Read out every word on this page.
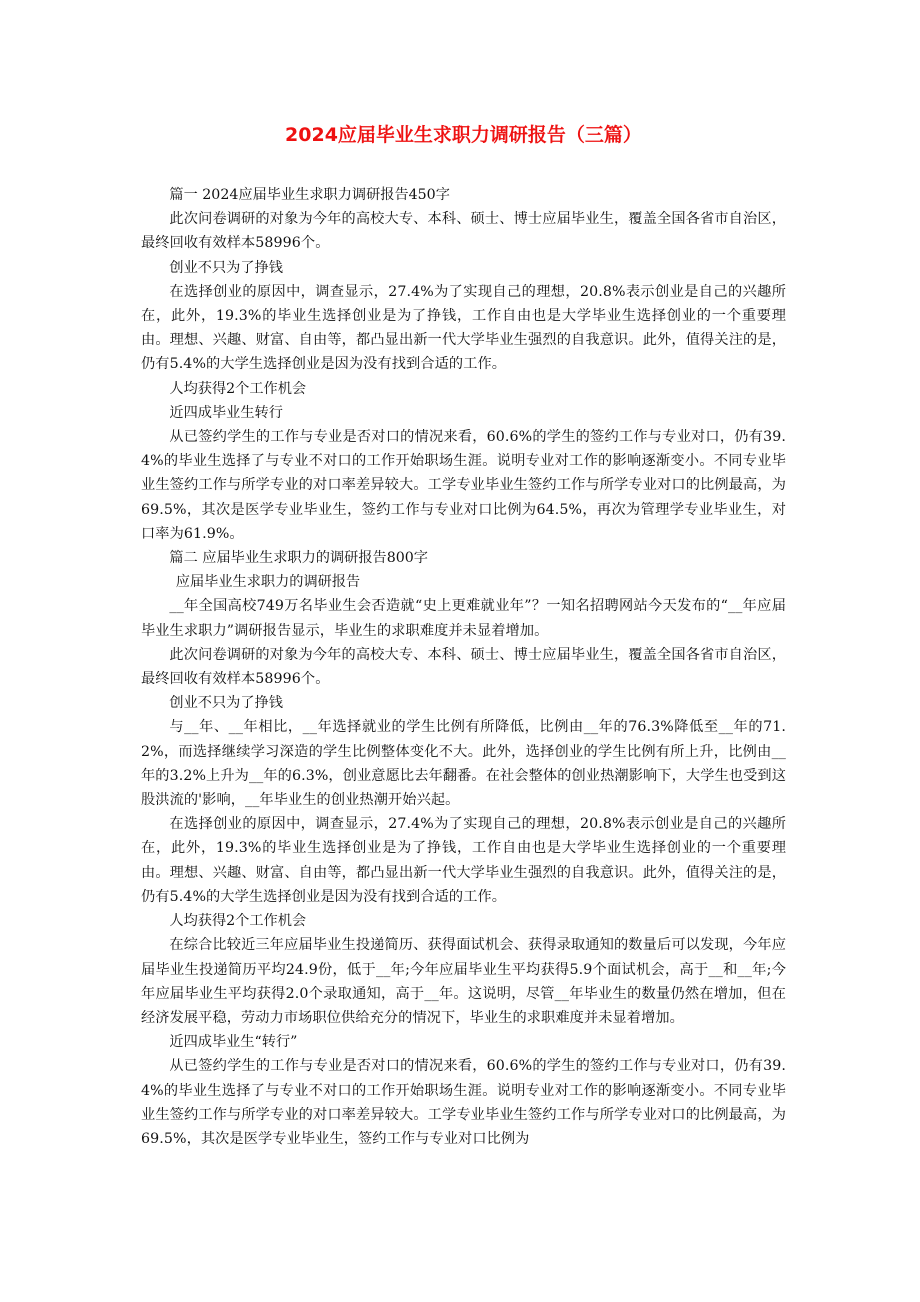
2024应届毕业生求职力调研报告（三篇）

篇一 2024应届毕业生求职力调研报告450字

此次问卷调研的对象为今年的高校大专、本科、硕士、博士应届毕业生，覆盖全国各省市自治区，最终回收有效样本58996个。

创业不只为了挣钱

在选择创业的原因中，调查显示，27.4%为了实现自己的理想，20.8%表示创业是自己的兴趣所在，此外，19.3%的毕业生选择创业是为了挣钱，工作自由也是大学毕业生选择创业的一个重要理由。理想、兴趣、财富、自由等，都凸显出新一代大学毕业生强烈的自我意识。此外，值得关注的是，仍有5.4%的大学生选择创业是因为没有找到合适的工作。

人均获得2个工作机会

近四成毕业生转行

从已签约学生的工作与专业是否对口的情况来看，60.6%的学生的签约工作与专业对口，仍有39.4%的毕业生选择了与专业不对口的工作开始职场生涯。说明专业对工作的影响逐渐变小。不同专业毕业生签约工作与所学专业的对口率差异较大。工学专业毕业生签约工作与所学专业对口的比例最高，为69.5%，其次是医学专业毕业生，签约工作与专业对口比例为64.5%，再次为管理学专业毕业生，对口率为61.9%。

篇二 应届毕业生求职力的调研报告800字

应届毕业生求职力的调研报告

__年全国高校749万名毕业生会否造就“史上更难就业年”？一知名招聘网站今天发布的“__年应届毕业生求职力”调研报告显示，毕业生的求职难度并未显着增加。

此次问卷调研的对象为今年的高校大专、本科、硕士、博士应届毕业生，覆盖全国各省市自治区，最终回收有效样本58996个。

创业不只为了挣钱

与__年、__年相比，__年选择就业的学生比例有所降低，比例由__年的76.3%降低至__年的71.2%，而选择继续学习深造的学生比例整体变化不大。此外，选择创业的学生比例有所上升，比例由__年的3.2%上升为__年的6.3%，创业意愿比去年翻番。在社会整体的创业热潮影响下，大学生也受到这股洪流的'影响，__年毕业生的创业热潮开始兴起。

在选择创业的原因中，调查显示，27.4%为了实现自己的理想，20.8%表示创业是自己的兴趣所在，此外，19.3%的毕业生选择创业是为了挣钱，工作自由也是大学毕业生选择创业的一个重要理由。理想、兴趣、财富、自由等，都凸显出新一代大学毕业生强烈的自我意识。此外，值得关注的是，仍有5.4%的大学生选择创业是因为没有找到合适的工作。

人均获得2个工作机会

在综合比较近三年应届毕业生投递简历、获得面试机会、获得录取通知的数量后可以发现，今年应届毕业生投递简历平均24.9份，低于__年;今年应届毕业生平均获得5.9个面试机会，高于__和__年;今年应届毕业生平均获得2.0个录取通知，高于__年。这说明，尽管__年毕业生的数量仍然在增加，但在经济发展平稳，劳动力市场职位供给充分的情况下，毕业生的求职难度并未显着增加。

近四成毕业生“转行”

从已签约学生的工作与专业是否对口的情况来看，60.6%的学生的签约工作与专业对口，仍有39.4%的毕业生选择了与专业不对口的工作开始职场生涯。说明专业对工作的影响逐渐变小。不同专业毕业生签约工作与所学专业的对口率差异较大。工学专业毕业生签约工作与所学专业对口的比例最高，为69.5%，其次是医学专业毕业生，签约工作与专业对口比例为
